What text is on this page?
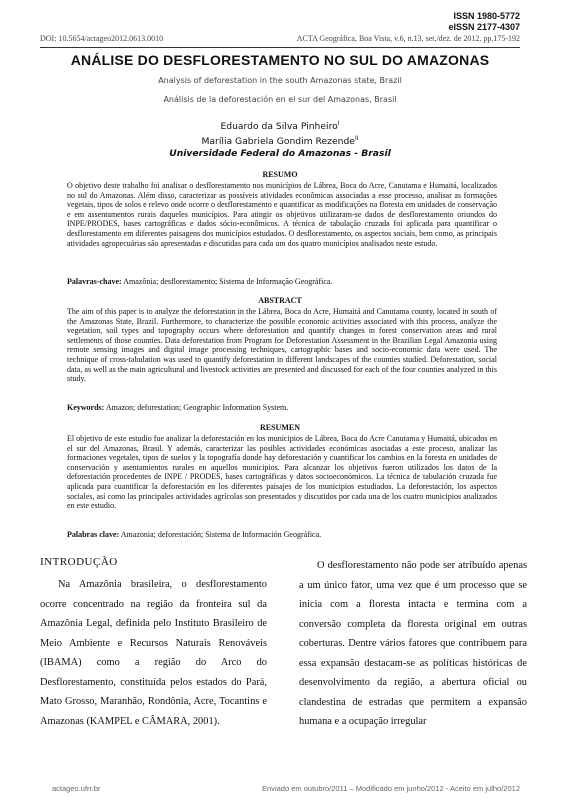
ISSN 1980-5772
eISSN 2177-4307
DOI: 10.5654/actageo2012.0613.0010	ACTA Geográfica, Boa Vista, v.6, n.13, set./dez. de 2012. pp.175-192
ANÁLISE DO DESFLORESTAMENTO NO SUL DO AMAZONAS
Analysis of deforestation in the south Amazonas state, Brazil
Análisis de la deforestación en el sur del Amazonas, Brasil
Eduardo da Silva Pinheiro$^I$
Marília Gabriela Gondim Rezende$^{II}$
Universidade Federal do Amazonas - Brasil
RESUMO

O objetivo deste trabalho foi analisar o desflorestamento nos municípios de Lábrea, Boca do Acre, Canutama e Humaitá, localizados no sul do Amazonas. Além disso, caracterizar as possíveis atividades econômicas associadas a esse processo, analisar as formações vegetais, tipos de solos e relevo onde ocorre o desflorestamento e quantificar as modificações na floresta em unidades de conservação e em assentamentos rurais daqueles municípios. Para atingir os objetivos utilizaram-se dados de desflorestamento oriundos do INPE/PRODES, bases cartográficas e dados sócio-econômicos. A técnica de tabulação cruzada foi aplicada para quantificar o desflorestamento em diferentes paisagens dos municípios estudados. O desflorestamento, os aspectos sociais, bem como, as principais atividades agropecuárias são apresentadas e discutidas para cada um dos quatro municípios analisados neste estudo.

Palavras-chave: Amazônia; desflorestamento; Sistema de Informação Geográfica.
ABSTRACT

The aim of this paper is to analyze the deforestation in the Lábrea, Boca do Acre, Humaitá and Canutama county, located in south of the Amazonas State, Brazil. Furthermore, to characterize the possible economic activities associated with this process, analyze the vegetation, soil types and topography occurs where deforestation and quantify changes in forest conservation areas and rural settlements of those counties. Data deforestation from Program for Deforestation Assessment in the Brazilian Legal Amazonia using remote sensing images and digital image processing techniques, cartographic bases and socio-economic data were used. The technique of cross-tabulation was used to quantify deforestation in different landscapes of the counties studied. Deforestation, social data, as well as the main agricultural and livestock activities are presented and discussed for each of the four counties analyzed in this study.

Keywords: Amazon; deforestation; Geographic Information System.
RESUMEN

El objetivo de este estudio fue analizar la deforestación en los municipios de Lábrea, Boca do Acre Canutama y Humaitá, ubicados en el sur del Amazonas, Brasil. Y además, caracterizar las posibles actividades económicas asociadas a este proceso, analizar las formaciones vegetales, tipos de suelos y la topografía donde hay deforestación y cuantificar los cambios en la foresta en unidades de conservación y asentamientos rurales en aquellos municipios. Para alcanzar los objetivos fueron utilizados los datos de la deforestación procedentes de INPE / PRODES, bases cartográficas y datos socioeconómicos. La técnica de tabulación cruzada fue aplicada para cuantificar la deforestación en los diferentes paisajes de los municipios estudiados. La deforestación, los aspectos sociales, así como las principales actividades agrícolas son presentados y discutidos por cada una de los cuatro municipios analizados en este estudio.

Palabras clave: Amazonia; deforestación; Sistema de Información Geográfica.
INTRODUÇÃO

Na Amazônia brasileira, o desflorestamento ocorre concentrado na região da fronteira sul da Amazônia Legal, definida pelo Instituto Brasileiro de Meio Ambiente e Recursos Naturais Renováveis (IBAMA) como a região do Arco do Desflorestamento, constituída pelos estados do Pará, Mato Grosso, Maranhão, Rondônia, Acre, Tocantins e Amazonas (KAMPEL e CÂMARA, 2001).

O desflorestamento não pode ser atribuído apenas a um único fator, uma vez que é um processo que se inicia com a floresta intacta e termina com a conversão completa da floresta original em outras coberturas. Dentre vários fatores que contribuem para essa expansão destacam-se as políticas históricas de desenvolvimento da região, a abertura oficial ou clandestina de estradas que permitem a expansão humana e a ocupação irregular

actageo.ufrr.br	Enviado em outubro/2011 – Modificado em junho/2012 - Aceito em julho/2012
